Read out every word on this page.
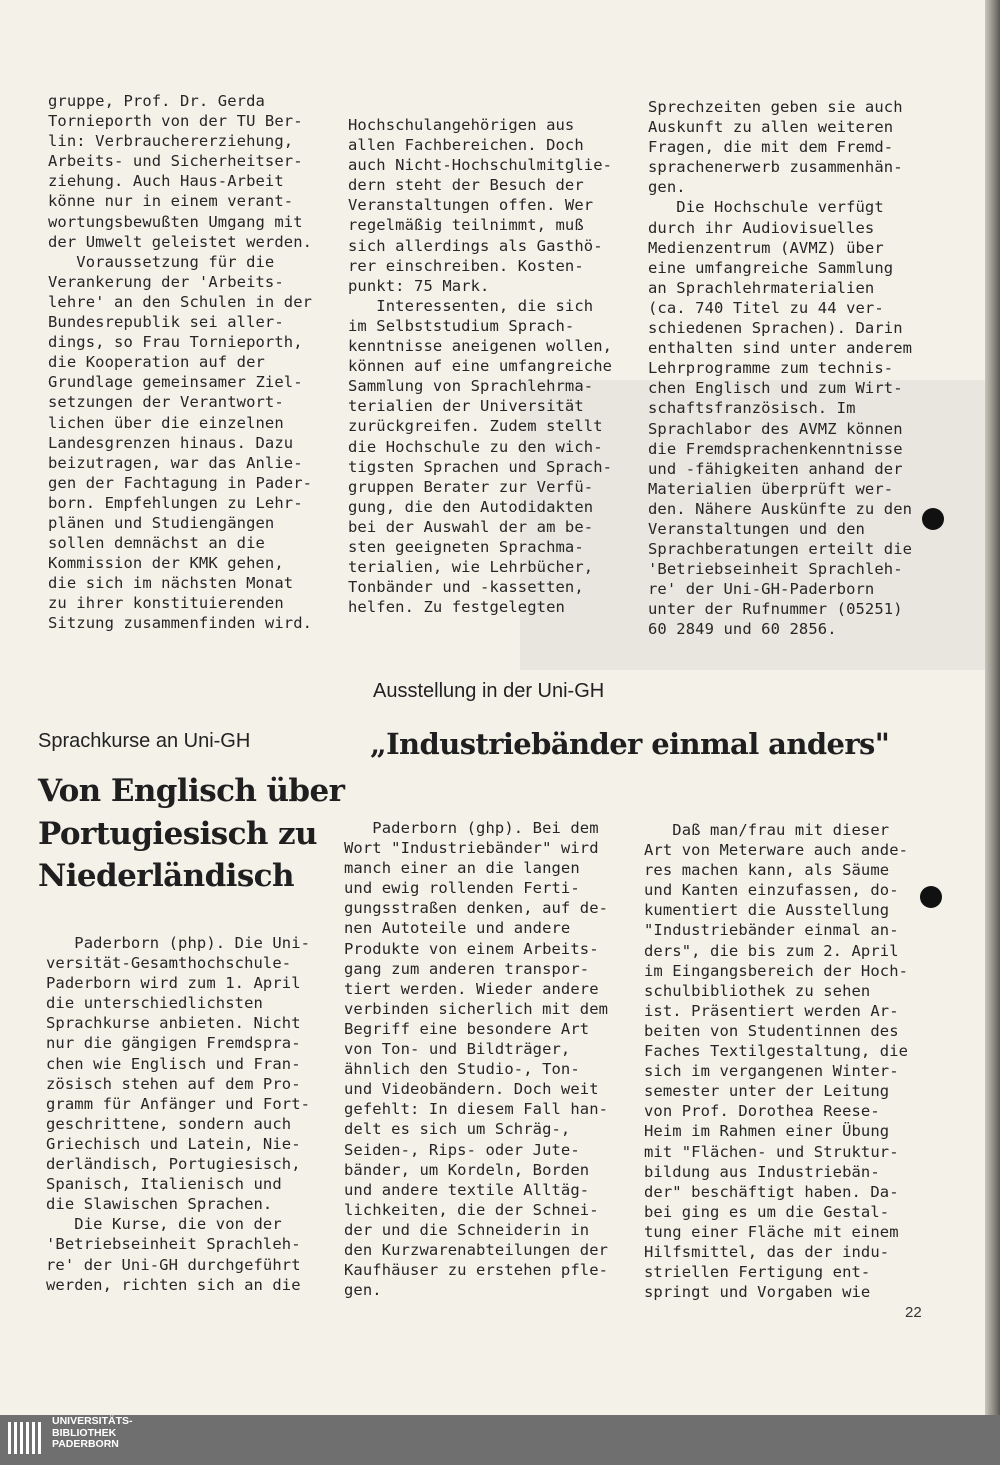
gruppe, Prof. Dr. Gerda
Tornieporth von der TU Ber-
lin: Verbrauchererziehung,
Arbeits- und Sicherheitser-
ziehung. Auch Haus-Arbeit
könne nur in einem verant-
wortungsbewußten Umgang mit
der Umwelt geleistet werden.
Voraussetzung für die
Verankerung der 'Arbeits-
lehre' an den Schulen in der
Bundesrepublik sei aller-
dings, so Frau Tornieporth,
die Kooperation auf der
Grundlage gemeinsamer Ziel-
setzungen der Verantwort-
lichen über die einzelnen
Landesgrenzen hinaus. Dazu
beizutragen, war das Anlie-
gen der Fachtagung in Pader-
born. Empfehlungen zu Lehr-
plänen und Studiengängen
sollen demnächst an die
Kommission der KMK gehen,
die sich im nächsten Monat
zu ihrer konstituierenden
Sitzung zusammenfinden wird.
Hochschulangehörigen aus
allen Fachbereichen. Doch
auch Nicht-Hochschulmitglie-
dern steht der Besuch der
Veranstaltungen offen. Wer
regelmäßig teilnimmt, muß
sich allerdings als Gasthö-
rer einschreiben. Kosten-
punkt: 75 Mark.
Interessenten, die sich
im Selbststudium Sprach-
kenntnisse aneigenen wollen,
können auf eine umfangreiche
Sammlung von Sprachlehrma-
terialien der Universität
zurückgreifen. Zudem stellt
die Hochschule zu den wich-
tigsten Sprachen und Sprach-
gruppen Berater zur Verfü-
gung, die den Autodidakten
bei der Auswahl der am be-
sten geeigneten Sprachma-
terialien, wie Lehrbücher,
Tonbänder und -kassetten,
helfen. Zu festgelegten
Sprechzeiten geben sie auch
Auskunft zu allen weiteren
Fragen, die mit dem Fremd-
sprachenerwerb zusammenhän-
gen.
Die Hochschule verfügt
durch ihr Audiovisuelles
Medienzentrum (AVMZ) über
eine umfangreiche Sammlung
an Sprachlehrmaterialien
(ca. 740 Titel zu 44 ver-
schiedenen Sprachen). Darin
enthalten sind unter anderem
Lehrprogramme zum technis-
chen Englisch und zum Wirt-
schaftsfranzösisch. Im
Sprachlabor des AVMZ können
die Fremdsprachenkenntnisse
und -fähigkeiten anhand der
Materialien überprüft wer-
den. Nähere Auskünfte zu den
Veranstaltungen und den
Sprachberatungen erteilt die
'Betriebseinheit Sprachleh-
re' der Uni-GH-Paderborn
unter der Rufnummer (05251)
60 2849 und 60 2856.
Sprachkurse an Uni-GH
Von Englisch über
Portugiesisch zu
Niederländisch
Paderborn (php). Die Uni-
versität-Gesamthochschule-
Paderborn wird zum 1. April
die unterschiedlichsten
Sprachkurse anbieten. Nicht
nur die gängigen Fremdspra-
chen wie Englisch und Fran-
zösisch stehen auf dem Pro-
gramm für Anfänger und Fort-
geschrittene, sondern auch
Griechisch und Latein, Nie-
derländisch, Portugiesisch,
Spanisch, Italienisch und
die Slawischen Sprachen.
Die Kurse, die von der
'Betriebseinheit Sprachleh-
re' der Uni-GH durchgeführt
werden, richten sich an die
Ausstellung in der Uni-GH
„Industriebänder einmal anders"
Paderborn (ghp). Bei dem
Wort "Industriebänder" wird
manch einer an die langen
und ewig rollenden Ferti-
gungsstraßen denken, auf de-
nen Autoteile und andere
Produkte von einem Arbeits-
gang zum anderen transpor-
tiert werden. Wieder andere
verbinden sicherlich mit dem
Begriff eine besondere Art
von Ton- und Bildträger,
ähnlich den Studio-, Ton-
und Videobändern. Doch weit
gefehlt: In diesem Fall han-
delt es sich um Schräg-,
Seiden-, Rips- oder Jute-
bänder, um Kordeln, Borden
und andere textile Alltäg-
lichkeiten, die der Schnei-
der und die Schneiderin in
den Kurzwarenabteilungen der
Kaufhäuser zu erstehen pfle-
gen.
Daß man/frau mit dieser
Art von Meterware auch ande-
res machen kann, als Säume
und Kanten einzufassen, do-
kumentiert die Ausstellung
"Industriebänder einmal an-
ders", die bis zum 2. April
im Eingangsbereich der Hoch-
schulbibliothek zu sehen
ist. Präsentiert werden Ar-
beiten von Studentinnen des
Faches Textilgestaltung, die
sich im vergangenen Winter-
semester unter der Leitung
von Prof. Dorothea Reese-
Heim im Rahmen einer Übung
mit "Flächen- und Struktur-
bildung aus Industriebän-
der" beschäftigt haben. Da-
bei ging es um die Gestal-
tung einer Fläche mit einem
Hilfsmittel, das der indu-
striellen Fertigung ent-
springt und Vorgaben wie
22
UNIVERSITÄTS-
BIBLIOTHEK
PADERBORN
